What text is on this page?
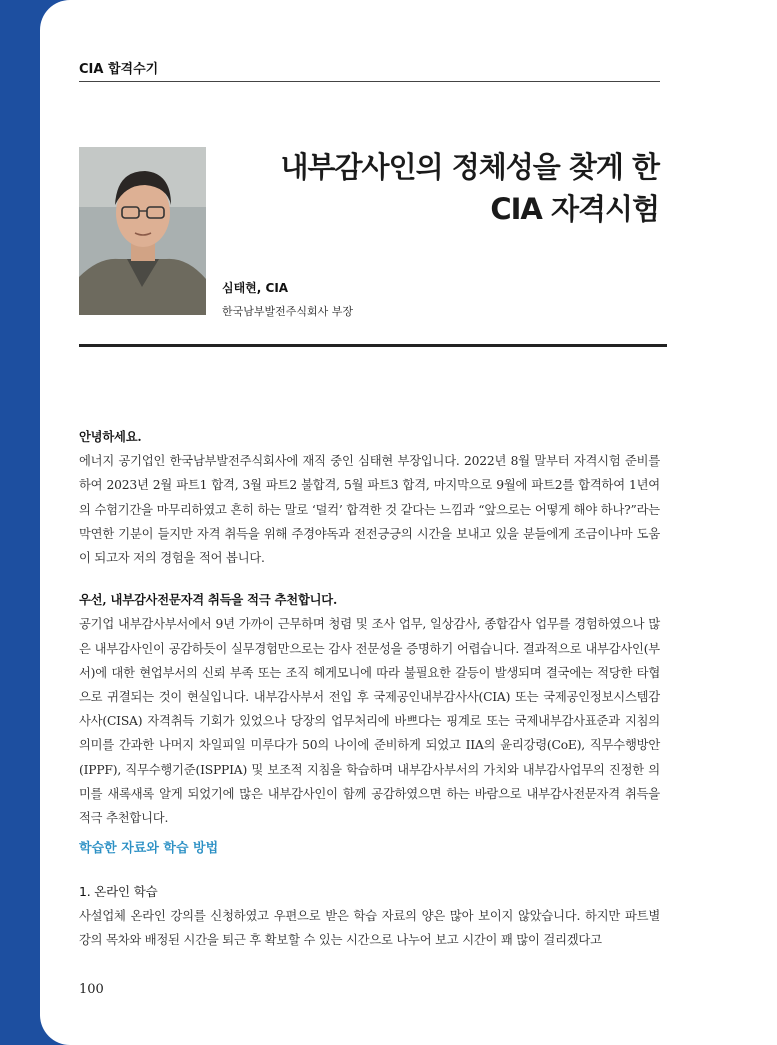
CIA 합격수기
내부감사인의 정체성을 찾게 한
CIA 자격시험
심태현, CIA
한국남부발전주식회사 부장

안녕하세요.

에너지 공기업인 한국남부발전주식회사에 재직 중인 심태현 부장입니다. 2022년 8월 말부터 자격시험 준비를 하여 2023년 2월 파트1 합격, 3월 파트2 불합격, 5월 파트3 합격, 마지막으로 9월에 파트2를 합격하여 1년여의 수험기간을 마무리하였고 흔히 하는 말로 ‘덜컥’ 합격한 것 같다는 느낌과 “앞으로는 어떻게 해야 하나?”라는 막연한 기분이 들지만 자격 취득을 위해 주경야독과 전전긍긍의 시간을 보내고 있을 분들에게 조금이나마 도움이 되고자 저의 경험을 적어 봅니다.

우선, 내부감사전문자격 취득을 적극 추천합니다.

공기업 내부감사부서에서 9년 가까이 근무하며 청렴 및 조사 업무, 일상감사, 종합감사 업무를 경험하였으나 많은 내부감사인이 공감하듯이 실무경험만으로는 감사 전문성을 증명하기 어렵습니다. 결과적으로 내부감사인(부서)에 대한 현업부서의 신뢰 부족 또는 조직 헤게모니에 따라 불필요한 갈등이 발생되며 결국에는 적당한 타협으로 귀결되는 것이 현실입니다. 내부감사부서 전입 후 국제공인내부감사사(CIA) 또는 국제공인정보시스템감사사(CISA) 자격취득 기회가 있었으나 당장의 업무처리에 바쁘다는 핑계로 또는 국제내부감사표준과 지침의 의미를 간과한 나머지 차일피일 미루다가 50의 나이에 준비하게 되었고 IIA의 윤리강령(CoE), 직무수행방안(IPPF), 직무수행기준(ISPPIA) 및 보조적 지침을 학습하며 내부감사부서의 가치와 내부감사업무의 진정한 의미를 새록새록 알게 되었기에 많은 내부감사인이 함께 공감하였으면 하는 바람으로 내부감사전문자격 취득을 적극 추천합니다.

학습한 자료와 학습 방법

1. 온라인 학습

사설업체 온라인 강의를 신청하였고 우편으로 받은 학습 자료의 양은 많아 보이지 않았습니다. 하지만 파트별 강의 목차와 배정된 시간을 퇴근 후 확보할 수 있는 시간으로 나누어 보고 시간이 꽤 많이 걸리겠다고

100
